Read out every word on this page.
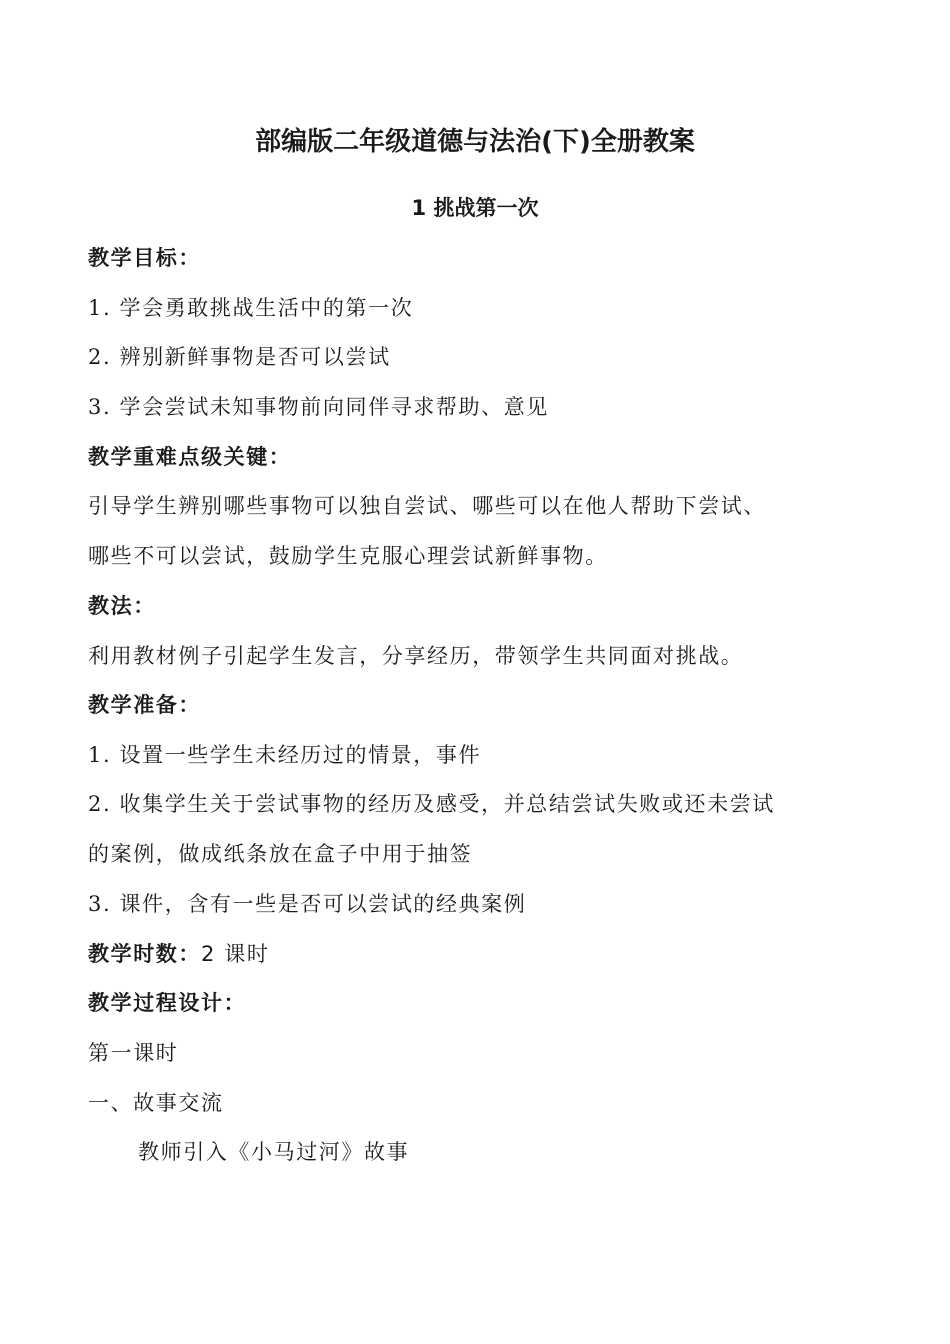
部编版二年级道德与法治(下)全册教案
1 挑战第一次
教学目标：
1. 学会勇敢挑战生活中的第一次
2. 辨别新鲜事物是否可以尝试
3. 学会尝试未知事物前向同伴寻求帮助、意见
教学重难点级关键：
引导学生辨别哪些事物可以独自尝试、哪些可以在他人帮助下尝试、
哪些不可以尝试，鼓励学生克服心理尝试新鲜事物。
教法：
利用教材例子引起学生发言，分享经历，带领学生共同面对挑战。
教学准备：
1. 设置一些学生未经历过的情景，事件
2. 收集学生关于尝试事物的经历及感受，并总结尝试失败或还未尝试
的案例，做成纸条放在盒子中用于抽签
3. 课件，含有一些是否可以尝试的经典案例
教学时数：2 课时
教学过程设计：
第一课时
一、故事交流
教师引入《小马过河》故事
